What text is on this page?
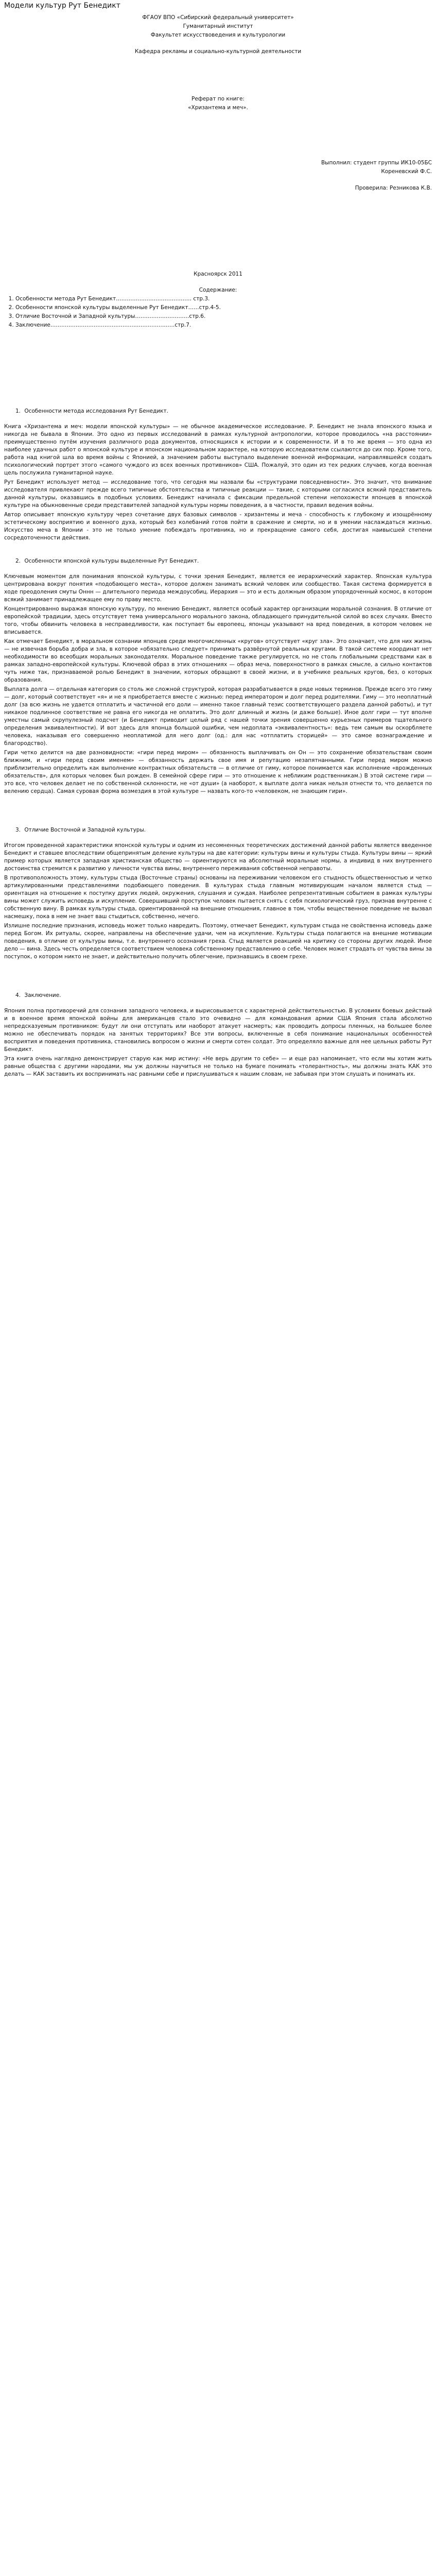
Модели культур Рут Бенедикт
ФГАОУ ВПО «Сибирский федеральный университет»
Гуманитарный институт
Факультет искусствоведения и культурологии
Кафедра рекламы и социально-культурной деятельности
Реферат по книге:
«Хризантема и меч».
Выполнил: студент группы ИК10-05БС
Кореневский Ф.С.
Проверила: Резникова К.В.
Красноярск 2011
Содержание:
1. Особенности метода Рут Бенедикт…………………………………… стр.3.
2. Особенности японской культуры выделенные Рут Бенедикт……стр.4-5.
3. Отличие Восточной и Западной культуры…………………………стр.6.
4. Заключение……………………………………………………………стр.7.

1. Особенности метода исследования Рут Бенедикт.

Книга «Хризантема и меч: модели японской культуры» — не обычное академическое исследование. Р. Бенедикт не знала японского языка и никогда не бывала в Японии. Это одно из первых исследований в рамках культурной антропологии, которое проводилось «на расстоянии» преимущественно путём изучения различного рода документов, относящихся к истории и к современности. И в то же время — это одна из наиболее удачных работ о японской культуре и японском национальном характере, на которую исследователи ссылаются до сих пор. Кроме того, работа над книгой шла во время войны с Японией, а значением работы выступало выделение военной информации, направлявшейся создать психологический портрет этого «самого чуждого из всех военных противников» США. Пожалуй, это один из тех редких случаев, когда военная цель послужила гуманитарной науке.

Рут Бенедикт использует метод — исследование того, что сегодня мы назвали бы «структурами повседневности». Это значит, что внимание исследователя привлекают прежде всего типичные обстоятельства и типичные реакции — такие, с которыми согласился всякий представитель данной культуры, оказавшись в подобных условиях. Бенедикт начинала с фиксации предельной степени непохожести японцев в японской культуре на обыкновенные среди представителей западной культуры нормы поведения, а в частности, правил ведения войны.

Автор описывает японскую культуру через сочетание двух базовых символов - хризантемы и меча - способность к глубокому и изощрённому эстетическому восприятию и военного духа, который без колебаний готов пойти в сражение и смерти, но и в умении наслаждаться жизнью. Искусство меча в Японии - это не только умение побеждать противника, но и прекращение самого себя, достигая наивысшей степени сосредоточенности действия.

2. Особенности японской культуры выделенные Рут Бенедикт.

Ключевым моментом для понимания японской культуры, с точки зрения Бенедикт, является ее иерархический характер. Японская культура центрирована вокруг понятия «подобающего места», которое должен занимать всякий человек или сообщество. Такая система формируется в ходе преодоления смуты Оннн — длительного периода междоусобиц. Иерархия — это и есть должным образом упорядоченный космос, в котором всякий занимает принадлежащее ему по праву место.

Концентрированно выражая японскую культуру, по мнению Бенедикт, является особый характер организации моральной сознания. В отличие от европейской традиции, здесь отсутствует тема универсального морального закона, обладающего принудительной силой во всех случаях. Вместо того, чтобы обвинить человека в несправедливости, как поступает бы европеец, японцы указывают на вред поведения, в котором человек не вписывается.

Как отмечает Бенедикт, в моральном сознании японцев среди многочисленных «кругов» отсутствует «круг зла». Это означает, что для них жизнь — не извечная борьба добра и зла, в которое «обязательно следует» принимать развёрнутой реальных кругами. В такой системе координат нет необходимости во всеобщих моральных законодателях. Моральное поведение также регулируется, но не столь глобальными средствами как в рамках западно-европейской культуры. Ключевой образ в этих отношениях — образ меча, поверхностного в рамках смысле, а сильно контактов чуть ниже так, признаваемой ролью Бенедикт в значении, которых обращают в своей жизни, и в учебнике реальных кругов, без, о которых образования.

Выплата долга — отдельная категория со столь же сложной структурой, которая разрабатывается в ряде новых терминов. Прежде всего это гиму — долг, который соответствует «я» и не я приобретается вместе с жизнью: перед императором и долг перед родителями. Гиму — это неоплатный долг (за всю жизнь не удается отплатить и частичной его доли — именно такое главный тезис соответствующего раздела данной работы), и тут никакое подлинное соответствие не равна его никогда не оплатить. Это долг длинный и жизнь (и даже больше). Иное долг гири — тут вполне уместны самый скрупулезный подсчет (и Бенедикт приводит целый ряд с нашей точки зрения совершенно курьезных примеров тщательного определения эквивалентности). И вот здесь для японца большой ошибки, чем недоплата «эквивалентность»: ведь тем самым вы оскорбляете человека, наказывая его совершенно неоплатимой для него долг (од.: для нас «отплатить сторицей» — это самое вознаграждение и благородство).

Гири четко делится на две разновидности: «гири перед миром» — обязанность выплачивать он Он — это сохранение обязательствам своим ближним, и «гири перед своим именем» — обязанность держать свое имя и репутацию незапятнанными. Гири перед миром можно приблизительно определить как выполнение контрактных обязательств — в отличие от гиму, которое понимается как исполнение «врожденных обязательств», для которых человек был рожден. В семейной сфере гири — это отношение к небликим родственникам.) В этой системе гири — это все, что человек делает не по собственной склонности, не «от души» (а наоборот, к выплате долга никак нельзя отнести то, что делается по велению сердца). Самая суровая форма возмездия в этой культуре — назвать кого-то «человеком, не знающим гири».

3. Отличие Восточной и Западной культуры.

Итогом проведенной характеристики японской культуры и одним из несомненных теоретических достижений данной работы является введенное Бенедикт и ставшее впоследствии общепринятым деление культуры на две категории: культуры вины и культуры стыда. Культуры вины — яркий пример которых является западная христианская общество — ориентируются на абсолютный моральные нормы, а индивид в них внутреннего достоинства стремится к развитию у личности чувства вины, внутреннего переживания собственной неправоты.

В противоположность этому, культуры стыда (Восточные страны) основаны на переживании человеком его стыдность общественностью и четко артикулированными представлениями подобающего поведения. В культурах стыда главным мотивирующим началом является стыд — ориентация на отношение к поступку других людей, окружения, слушания и суждая. Наиболее репрезентативным событием в рамках культуры вины может служить исповедь и искупление. Совершивший проступок человек пытается снять с себя психологический груз, признав внутренне с собственную вину. В рамках культуры стыда, ориентированной на внешние отношения, главное в том, чтобы вещественное поведение не вызвал насмешку, пока в нем не знает ваш стыдиться, собственно, нечего.

Излишне последние признания, исповедь может только навредить. Поэтому, отмечает Бенедикт, культурам стыда не свойственна исповедь даже перед Богом. Их ритуалы, скорее, направлены на обеспечение удачи, чем на искупление. Культуры стыда полагаются на внешние мотивации поведения, в отличие от культуры вины, т.е. внутреннего осознания греха. Стыд является реакцией на критику со стороны других людей. Иное дело — вина. Здесь честь определяется соответствием человека собственному представлению о себе. Человек может страдать от чувства вины за поступок, о котором никто не знает, и действительно получить облегчение, признавшись в своем грехе.

4. Заключение.

Япония полна противоречий для сознания западного человека, и вырисовывается с характерной действительностью. В условиях боевых действий и в военное время японской войны для американцев стало это очевидно — для командования армии США Япония стала абсолютно непредсказуемым противником: будут ли они отступать или наоборот атакует насмерть; как проводить допросы пленных, на большее более можно не обеспечивать порядок на занятых территориях? Все эти вопросы, включенные в себя понимание национальных особенностей восприятия и поведения противника, становились вопросом о жизни и смерти сотен солдат. Это определяло важные для нее цельных работы Рут Бенедикт.

Эта книга очень наглядно демонстрирует старую как мир истину: «Не верь другим то себе» — и еще раз напоминает, что если мы хотим жить равные общества с другими народами, мы уж должны научиться не только на бумаге понимать «толерантность», мы должны знать КАК это делать — КАК заставить их воспринимать нас равными себе и прислушиваться к нашим словам, не забывая при этом слушать и понимать их.
